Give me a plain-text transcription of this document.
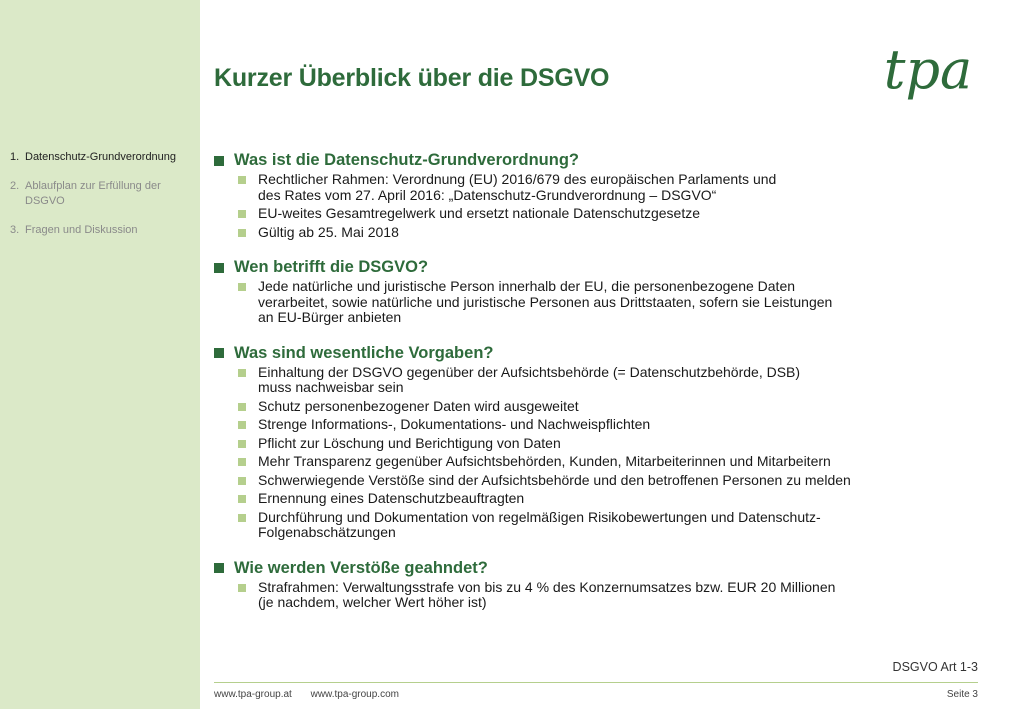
1. Datenschutz-Grundverordnung
2. Ablaufplan zur Erfüllung der DSGVO
3. Fragen und Diskussion
Kurzer Überblick über die DSGVO	tpa
Was ist die Datenschutz-Grundverordnung?
Rechtlicher Rahmen: Verordnung (EU) 2016/679 des europäischen Parlaments und
des Rates vom 27. April 2016: „Datenschutz-Grundverordnung – DSGVO“
EU-weites Gesamtregelwerk und ersetzt nationale Datenschutzgesetze
Gültig ab 25. Mai 2018
Wen betrifft die DSGVO?
Jede natürliche und juristische Person innerhalb der EU, die personenbezogene Daten
verarbeitet, sowie natürliche und juristische Personen aus Drittstaaten, sofern sie Leistungen
an EU-Bürger anbieten
Was sind wesentliche Vorgaben?
Einhaltung der DSGVO gegenüber der Aufsichtsbehörde (= Datenschutzbehörde, DSB)
muss nachweisbar sein
Schutz personenbezogener Daten wird ausgeweitet
Strenge Informations-, Dokumentations- und Nachweispflichten
Pflicht zur Löschung und Berichtigung von Daten
Mehr Transparenz gegenüber Aufsichtsbehörden, Kunden, Mitarbeiterinnen und Mitarbeitern
Schwerwiegende Verstöße sind der Aufsichtsbehörde und den betroffenen Personen zu melden
Ernennung eines Datenschutzbeauftragten
Durchführung und Dokumentation von regelmäßigen Risikobewertungen und Datenschutz-
Folgenabschätzungen
Wie werden Verstöße geahndet?
Strafrahmen: Verwaltungsstrafe von bis zu 4 % des Konzernumsatzes bzw. EUR 20 Millionen
(je nachdem, welcher Wert höher ist)
DSGVO Art 1-3
www.tpa-group.at www.tpa-group.com	Seite 3
